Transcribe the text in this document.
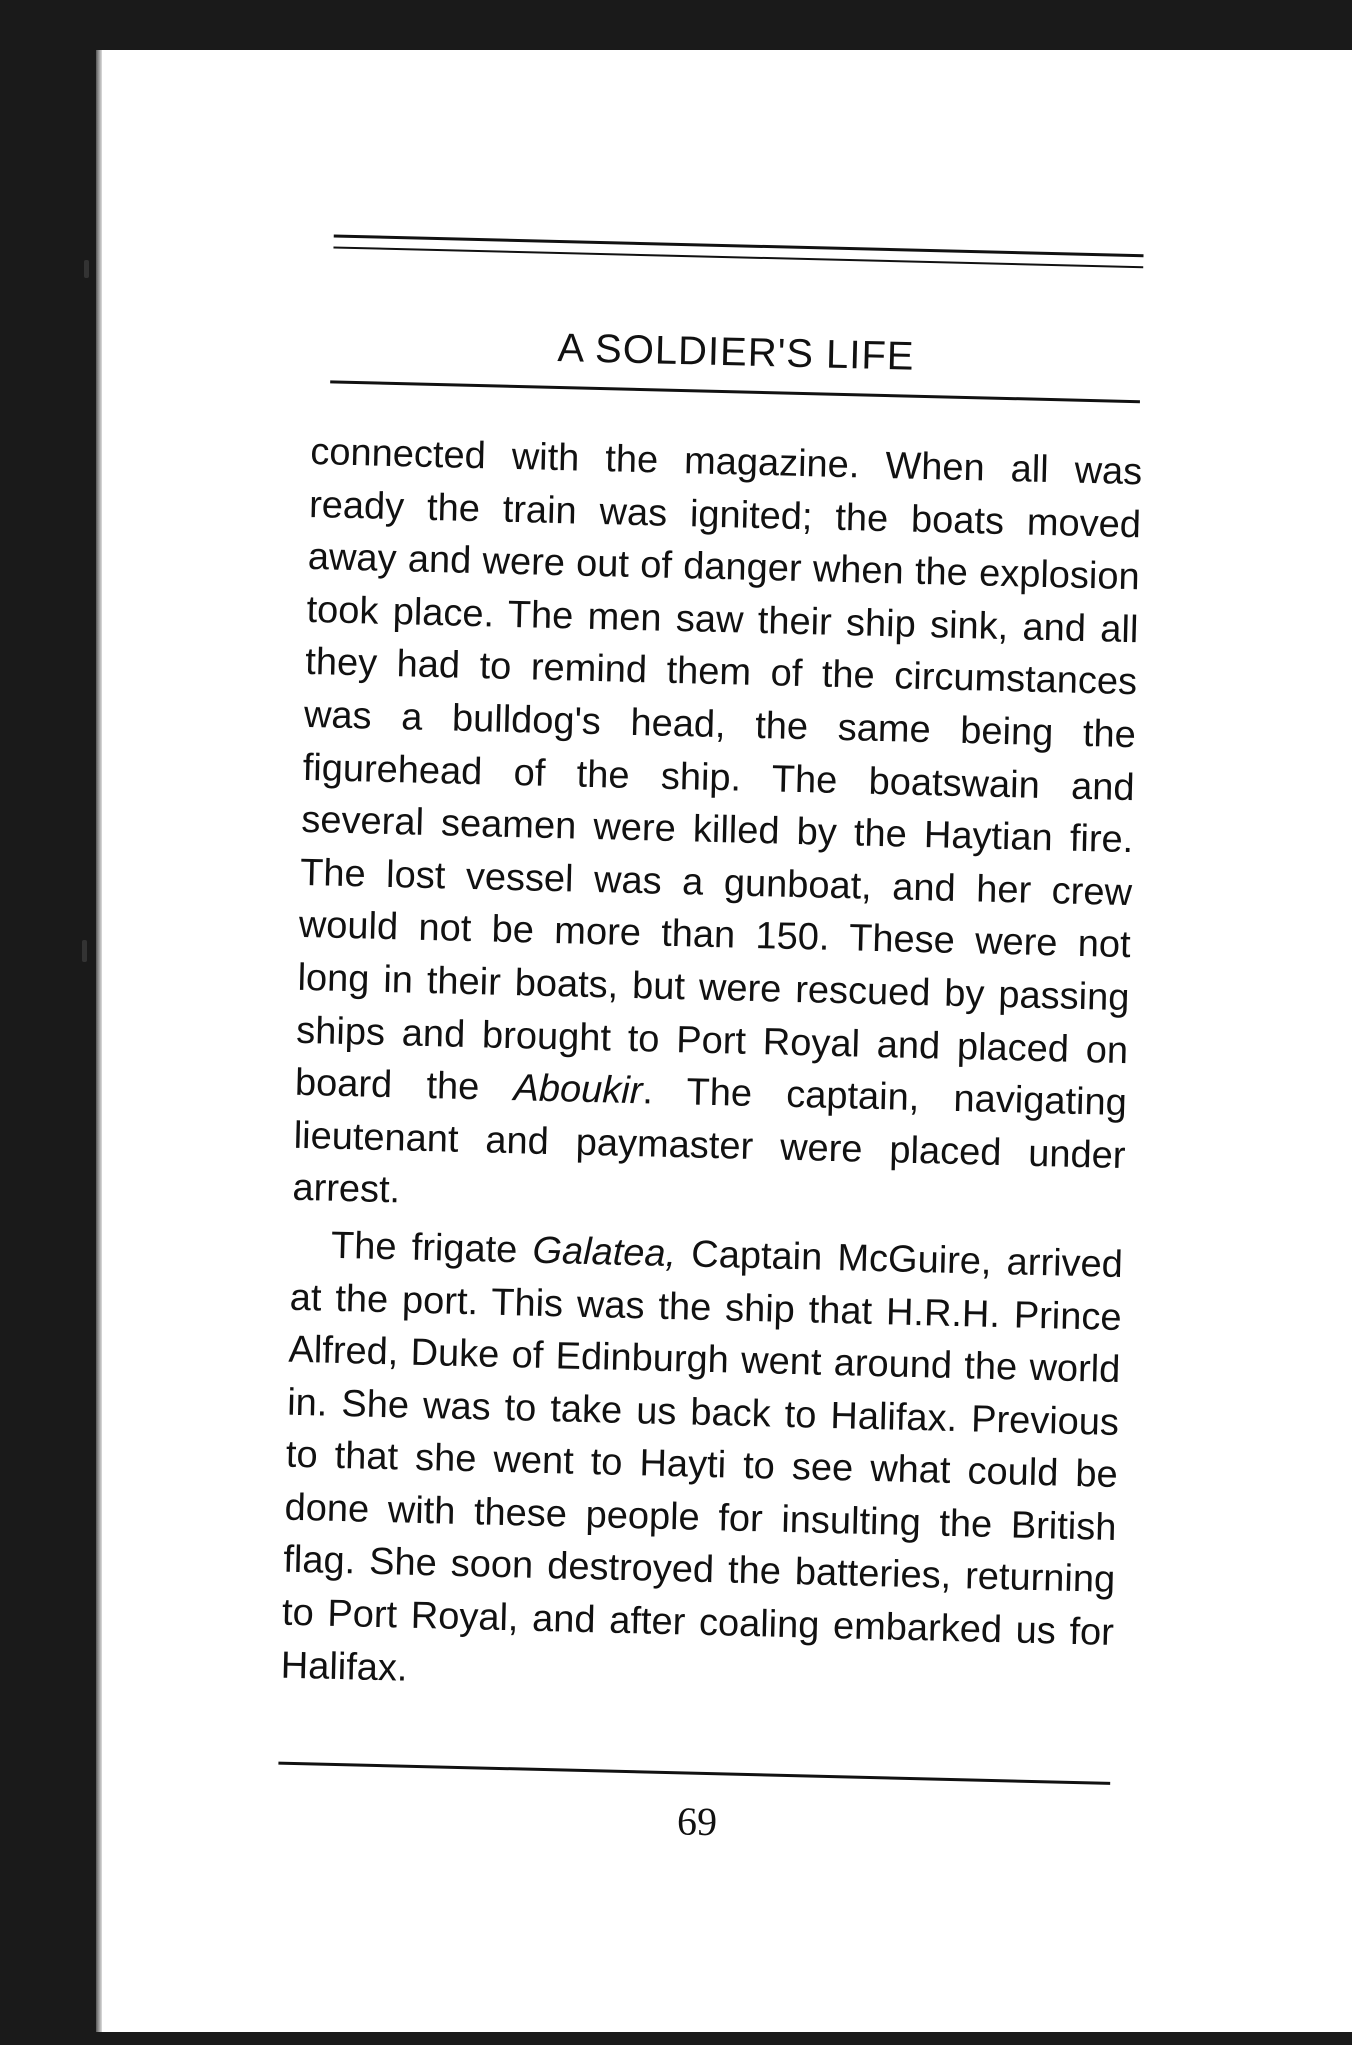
A SOLDIER'S LIFE

connected with the magazine. When all was ready the train was ignited; the boats moved away and were out of danger when the explosion took place. The men saw their ship sink, and all they had to remind them of the circumstances was a bulldog's head, the same being the figurehead of the ship. The boatswain and several seamen were killed by the Haytian fire. The lost vessel was a gunboat, and her crew would not be more than 150. These were not long in their boats, but were rescued by passing ships and brought to Port Royal and placed on board the Aboukir. The captain, navigating lieutenant and paymaster were placed under arrest.

The frigate Galatea, Captain McGuire, arrived at the port. This was the ship that H.R.H. Prince Alfred, Duke of Edinburgh went around the world in. She was to take us back to Halifax. Previous to that she went to Hayti to see what could be done with these people for insulting the British flag. She soon destroyed the batteries, returning to Port Royal, and after coaling embarked us for Halifax.

69
